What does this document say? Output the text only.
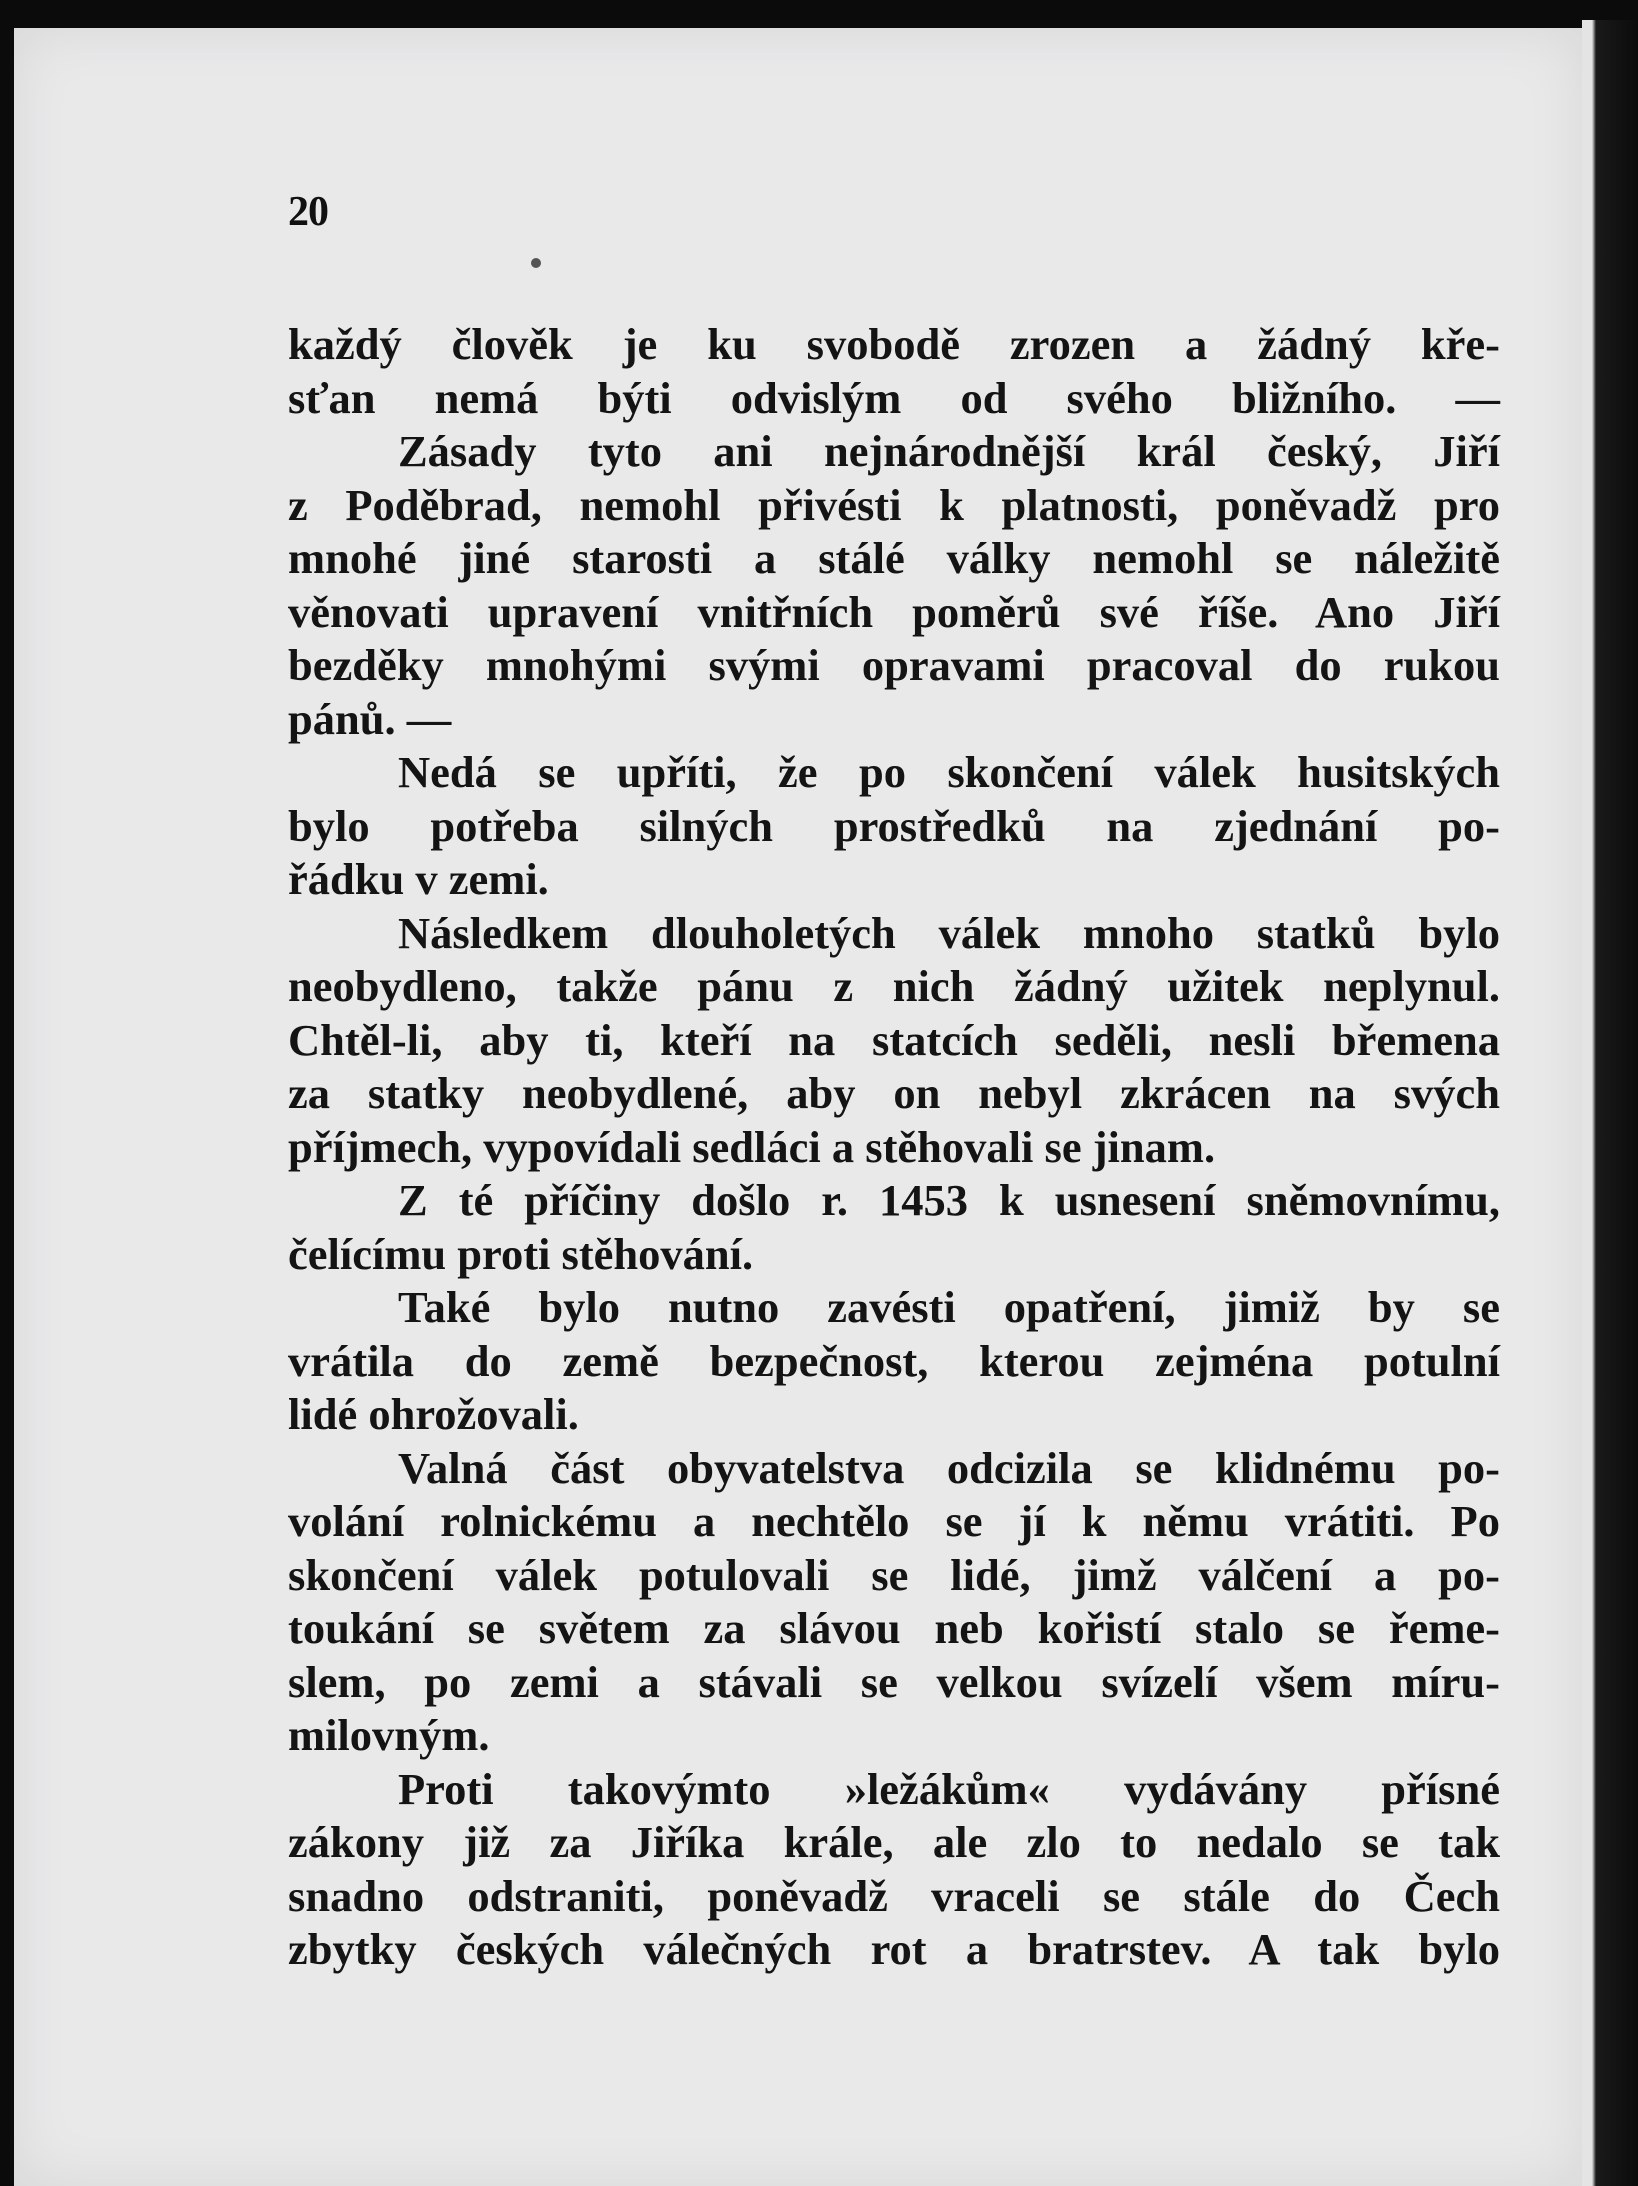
20
každý člověk je ku svobodě zrozen a žádný kře-
sťan nemá býti odvislým od svého bližního. —
Zásady tyto ani nejnárodnější král český, Jiří
z Poděbrad, nemohl přivésti k platnosti, poněvadž pro
mnohé jiné starosti a stálé války nemohl se náležitě
věnovati upravení vnitřních poměrů své říše. Ano Jiří
bezděky mnohými svými opravami pracoval do rukou
pánů. —
Nedá se upříti, že po skončení válek husitských
bylo potřeba silných prostředků na zjednání po-
řádku v zemi.
Následkem dlouholetých válek mnoho statků bylo
neobydleno, takže pánu z nich žádný užitek neplynul.
Chtěl-li, aby ti, kteří na statcích seděli, nesli břemena
za statky neobydlené, aby on nebyl zkrácen na svých
příjmech, vypovídali sedláci a stěhovali se jinam.
Z té příčiny došlo r. 1453 k usnesení sněmovnímu,
čelícímu proti stěhování.
Také bylo nutno zavésti opatření, jimiž by se
vrátila do země bezpečnost, kterou zejména potulní
lidé ohrožovali.
Valná část obyvatelstva odcizila se klidnému po-
volání rolnickému a nechtělo se jí k němu vrátiti. Po
skončení válek potulovali se lidé, jimž válčení a po-
toukání se světem za slávou neb kořistí stalo se řeme-
slem, po zemi a stávali se velkou svízelí všem míru-
milovným.
Proti takovýmto »ležákům« vydávány přísné
zákony již za Jiříka krále, ale zlo to nedalo se tak
snadno odstraniti, poněvadž vraceli se stále do Čech
zbytky českých válečných rot a bratrstev. A tak bylo
